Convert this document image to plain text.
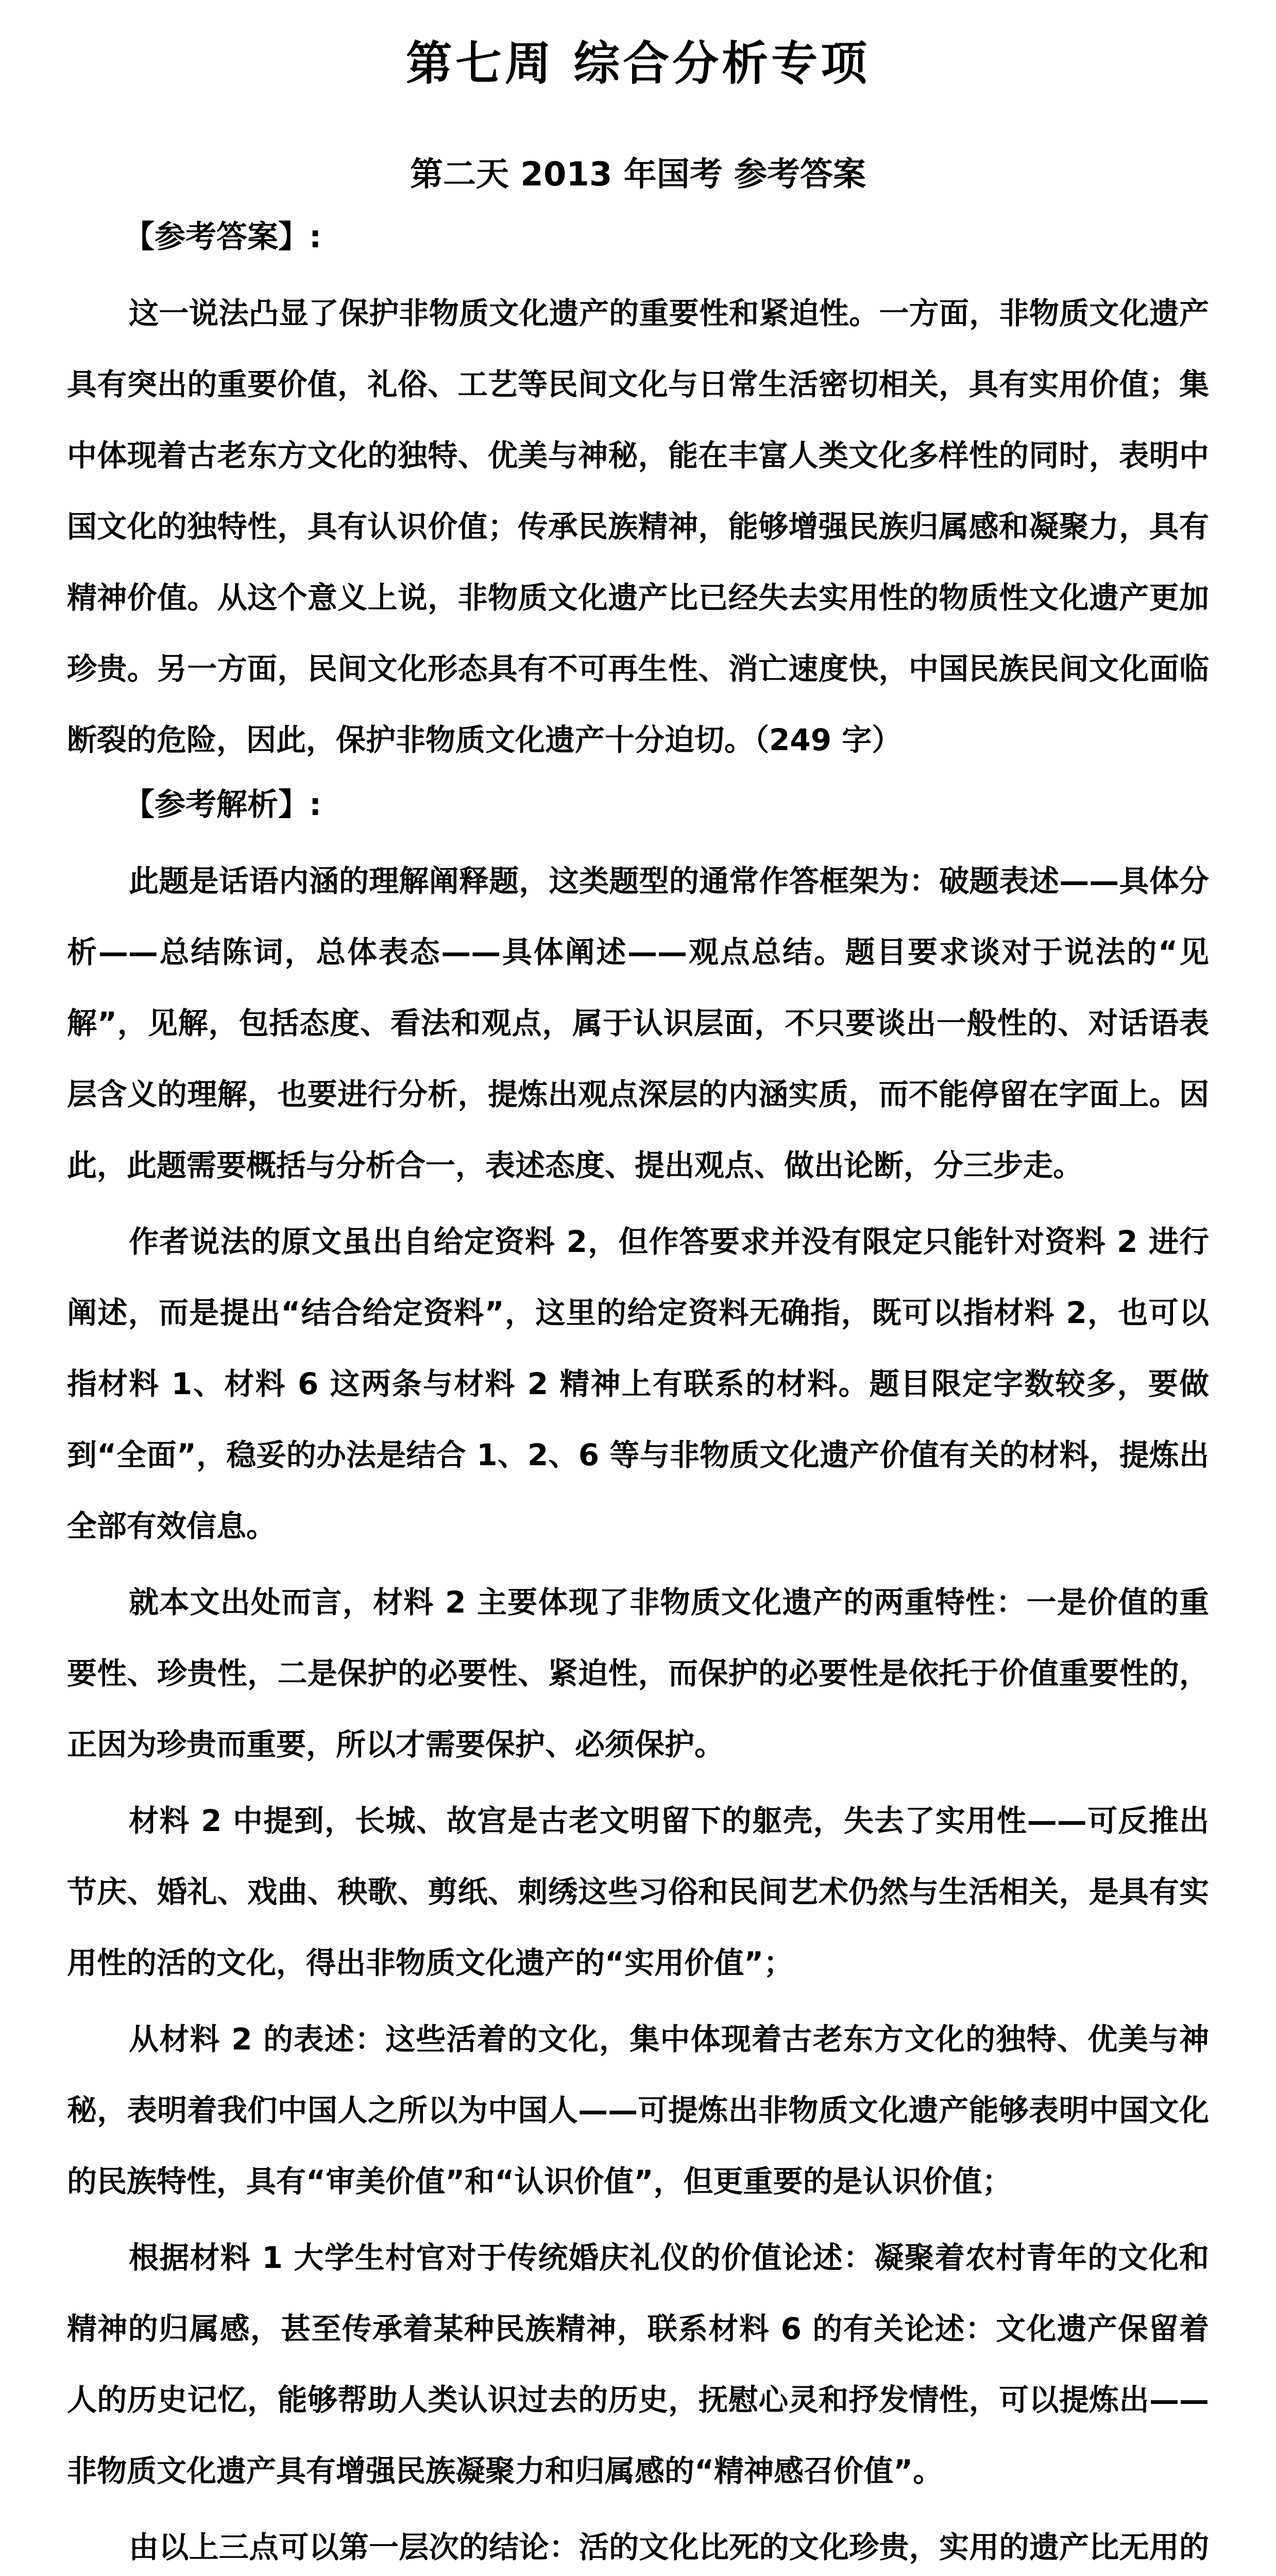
第七周 综合分析专项
第二天 2013 年国考 参考答案
【参考答案】:

这一说法凸显了保护非物质文化遗产的重要性和紧迫性。一方面，非物质文化遗产具有突出的重要价值，礼俗、工艺等民间文化与日常生活密切相关，具有实用价值；集中体现着古老东方文化的独特、优美与神秘，能在丰富人类文化多样性的同时，表明中国文化的独特性，具有认识价值；传承民族精神，能够增强民族归属感和凝聚力，具有精神价值。从这个意义上说，非物质文化遗产比已经失去实用性的物质性文化遗产更加珍贵。另一方面，民间文化形态具有不可再生性、消亡速度快，中国民族民间文化面临断裂的危险，因此，保护非物质文化遗产十分迫切。（249 字）

【参考解析】:

此题是话语内涵的理解阐释题，这类题型的通常作答框架为：破题表述——具体分析——总结陈词，总体表态——具体阐述——观点总结。题目要求谈对于说法的“见解”，见解，包括态度、看法和观点，属于认识层面，不只要谈出一般性的、对话语表层含义的理解，也要进行分析，提炼出观点深层的内涵实质，而不能停留在字面上。因此，此题需要概括与分析合一，表述态度、提出观点、做出论断，分三步走。

作者说法的原文虽出自给定资料 2，但作答要求并没有限定只能针对资料 2 进行阐述，而是提出“结合给定资料”，这里的给定资料无确指，既可以指材料 2，也可以指材料 1、材料 6 这两条与材料 2 精神上有联系的材料。题目限定字数较多，要做到“全面”，稳妥的办法是结合 1、2、6 等与非物质文化遗产价值有关的材料，提炼出全部有效信息。

就本文出处而言，材料 2 主要体现了非物质文化遗产的两重特性：一是价值的重要性、珍贵性，二是保护的必要性、紧迫性，而保护的必要性是依托于价值重要性的，正因为珍贵而重要，所以才需要保护、必须保护。

材料 2 中提到，长城、故宫是古老文明留下的躯壳，失去了实用性——可反推出节庆、婚礼、戏曲、秧歌、剪纸、刺绣这些习俗和民间艺术仍然与生活相关，是具有实用性的活的文化，得出非物质文化遗产的“实用价值”；

从材料 2 的表述：这些活着的文化，集中体现着古老东方文化的独特、优美与神秘，表明着我们中国人之所以为中国人——可提炼出非物质文化遗产能够表明中国文化的民族特性，具有“审美价值”和“认识价值”，但更重要的是认识价值；

根据材料 1 大学生村官对于传统婚庆礼仪的价值论述：凝聚着农村青年的文化和精神的归属感，甚至传承着某种民族精神，联系材料 6 的有关论述：文化遗产保留着人的历史记忆，能够帮助人类认识过去的历史，抚慰心灵和抒发情性，可以提炼出——非物质文化遗产具有增强民族凝聚力和归属感的“精神感召价值”。

由以上三点可以第一层次的结论：活的文化比死的文化珍贵，实用的遗产比无用的
